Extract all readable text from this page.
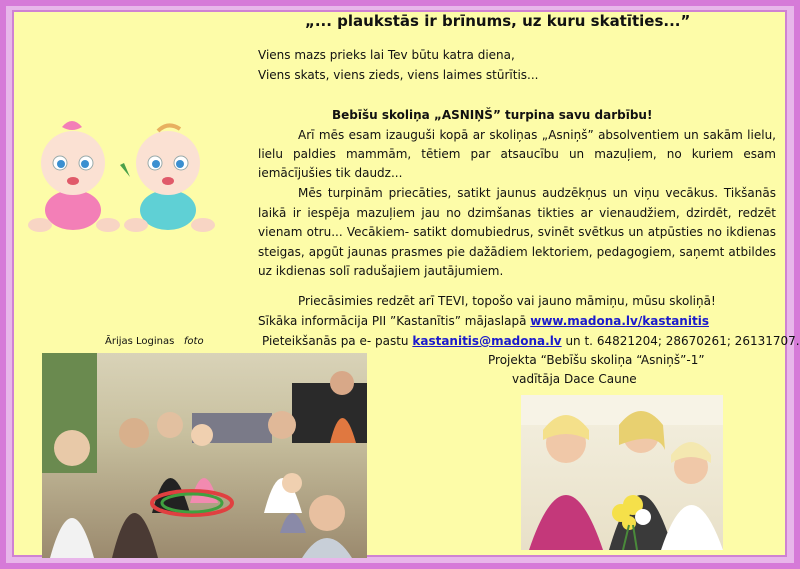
„... plaukstās ir brīnums, uz kuru skatīties...”
Viens mazs prieks lai Tev būtu katra diena,
Viens skats, viens zieds, viens laimes stūrītis...
Bebīšu skoliņa „ASNIŅŠ” turpina savu darbību!
Arī mēs esam izauguši kopā ar skoliņas „Asniņš” absolventiem un sakām lielu, lielu paldies mammām, tētiem par atsaucību un mazuļiem, no kuriem esam iemācījušies tik daudz...
Mēs turpinām priecāties, satikt jaunus audzēkņus un viņu vecākus. Tikšanās laikā ir iespēja mazuļiem jau no dzimšanas tikties ar vienaudžiem, dzirdēt, redzēt vienam otru... Vecākiem- satikt domubiedrus, svinēt svētkus un atpūsties no ikdienas steigas, apgūt jaunas prasmes pie dažādiem lektoriem, pedagogiem, saņemt atbildes uz ikdienas solī radušajiem jautājumiem.
Priecāsimies redzēt arī TEVI, topošo vai jauno māmiņu, mūsu skoliņā!
Sīkāka informācija PII ”Kastanītis” mājaslapā www.madona.lv/kastanitis
Pieteikšanās pa e- pastu kastanitis@madona.lv un t. 64821204; 28670261; 26131707.
Projekta “Bebīšu skoliņa “Asniņš”-1”
vadītāja Dace Caune
Ārijas Loginas foto
